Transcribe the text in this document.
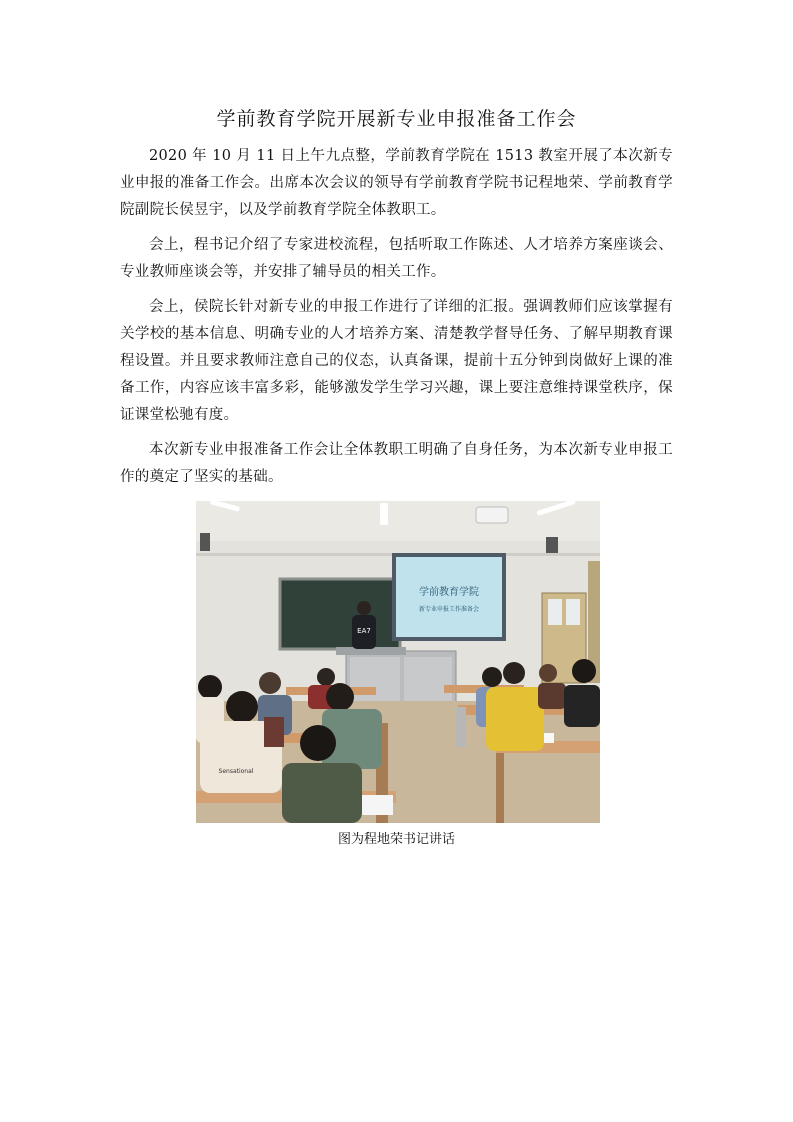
学前教育学院开展新专业申报准备工作会

2020 年 10 月 11 日上午九点整，学前教育学院在 1513 教室开展了本次新专业申报的准备工作会。出席本次会议的领导有学前教育学院书记程地荣、学前教育学院副院长侯昱宇，以及学前教育学院全体教职工。

会上，程书记介绍了专家进校流程，包括听取工作陈述、人才培养方案座谈会、专业教师座谈会等，并安排了辅导员的相关工作。

会上，侯院长针对新专业的申报工作进行了详细的汇报。强调教师们应该掌握有关学校的基本信息、明确专业的人才培养方案、清楚教学督导任务、了解早期教育课程设置。并且要求教师注意自己的仪态，认真备课，提前十五分钟到岗做好上课的准备工作，内容应该丰富多彩，能够激发学生学习兴趣，课上要注意维持课堂秩序，保证课堂松驰有度。

本次新专业申报准备工作会让全体教职工明确了自身任务，为本次新专业申报工作的奠定了坚实的基础。

学前教育学院
新专业申报工作准备会
EA7
Sensational

图为程地荣书记讲话
